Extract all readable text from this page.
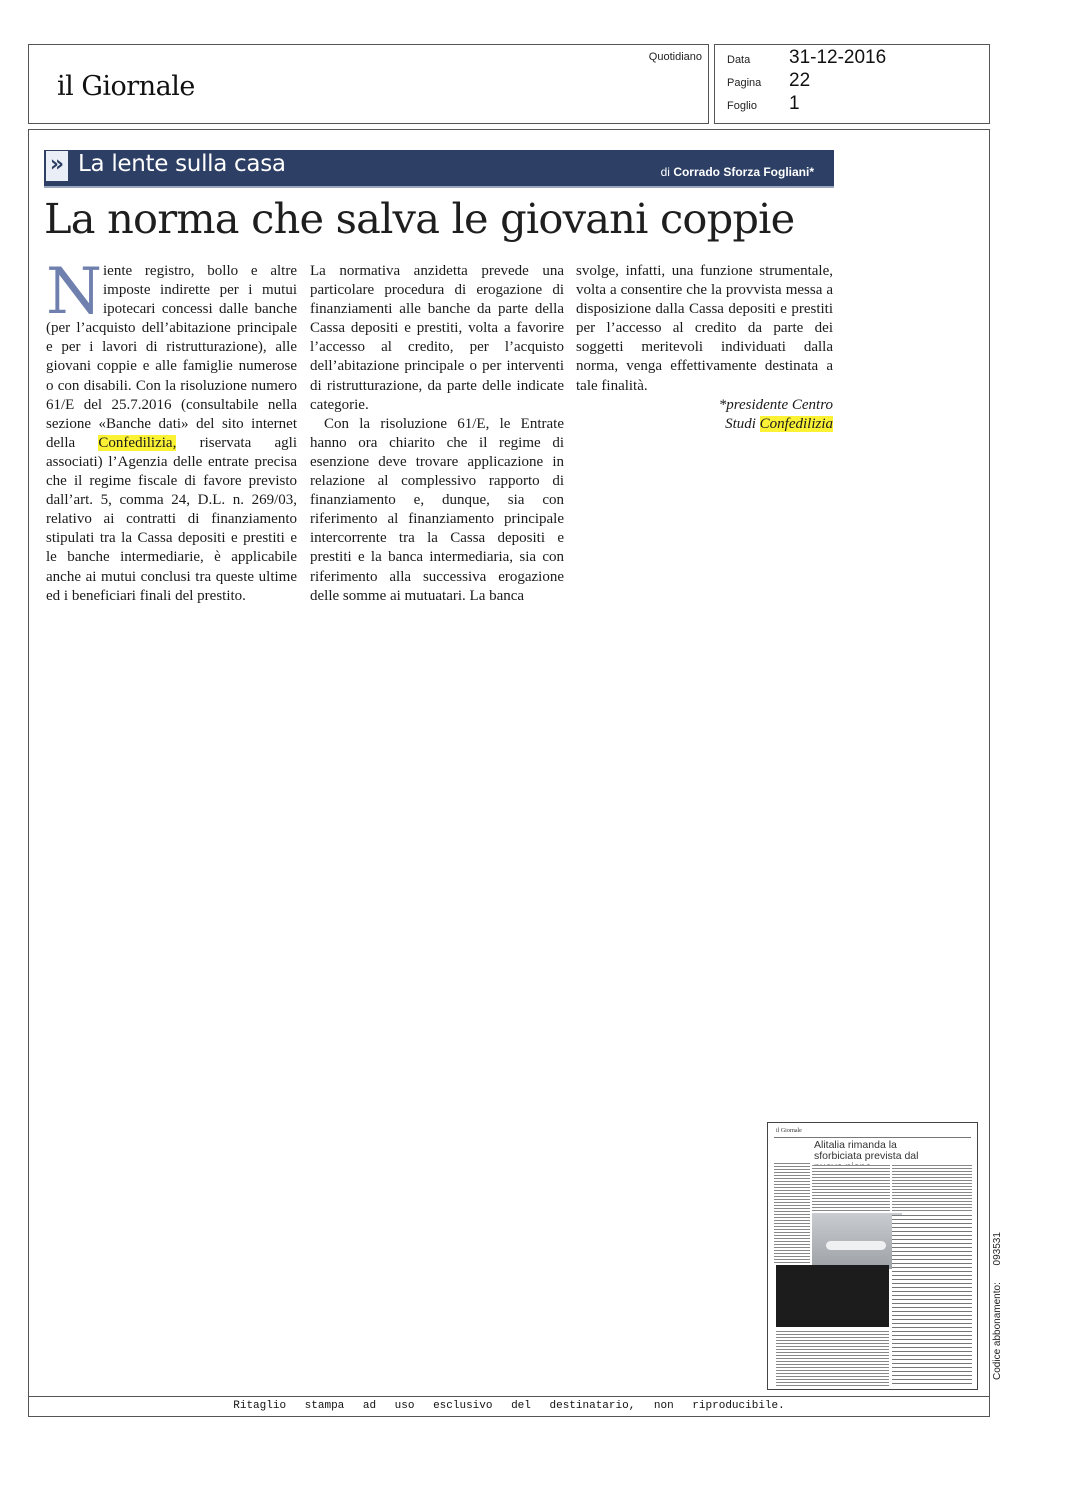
il Giornale
Quotidiano Data 31-12-2016
Pagina 22
Foglio 1
Ritaglio stampa ad uso esclusivo del destinatario, non riproducibile.
» La lente sulla casa	di Corrado Sforza Fogliani*
La norma che salva le giovani coppie

Niente registro, bollo e altre imposte indirette per i mutui ipotecari concessi dalle banche (per l’acquisto dell’abitazione principale e per i lavori di ristrutturazione), alle giovani coppie e alle famiglie numerose o con disabili. Con la risoluzione numero 61/E del 25.7.2016 (consultabile nella sezione «Banche dati» del sito internet della Confedilizia, riservata agli associati) l’Agenzia delle entrate precisa che il regime fiscale di favore previsto dall’art. 5, comma 24, D.L. n. 269/03, relativo ai contratti di finanziamento stipulati tra la Cassa depositi e prestiti e le banche intermediarie, è applicabile anche ai mutui conclusi tra queste ultime ed i beneficiari finali del prestito.

La normativa anzidetta prevede una particolare procedura di erogazione di finanziamenti alle banche da parte della Cassa depositi e prestiti, volta a favorire l’accesso al credito, per l’acquisto dell’abitazione principale o per interventi di ristrutturazione, da parte delle indicate categorie.

Con la risoluzione 61/E, le Entrate hanno ora chiarito che il regime di esenzione deve trovare applicazione in relazione al complessivo rapporto di finanziamento e, dunque, sia con riferimento al finanziamento principale intercorrente tra la Cassa depositi e prestiti e la banca intermediaria, sia con riferimento alla successiva erogazione delle somme ai mutuatari. La banca

svolge, infatti, una funzione strumentale, volta a consentire che la provvista messa a disposizione dalla Cassa depositi e prestiti per l’accesso al credito da parte dei soggetti meritevoli individuati dalla norma, venga effettivamente destinata a tale finalità.

*presidente Centro

Studi Confedilizia

il Giornale
Alitalia rimanda la sforbiciata prevista dal
Codice abbonamento:      093531
